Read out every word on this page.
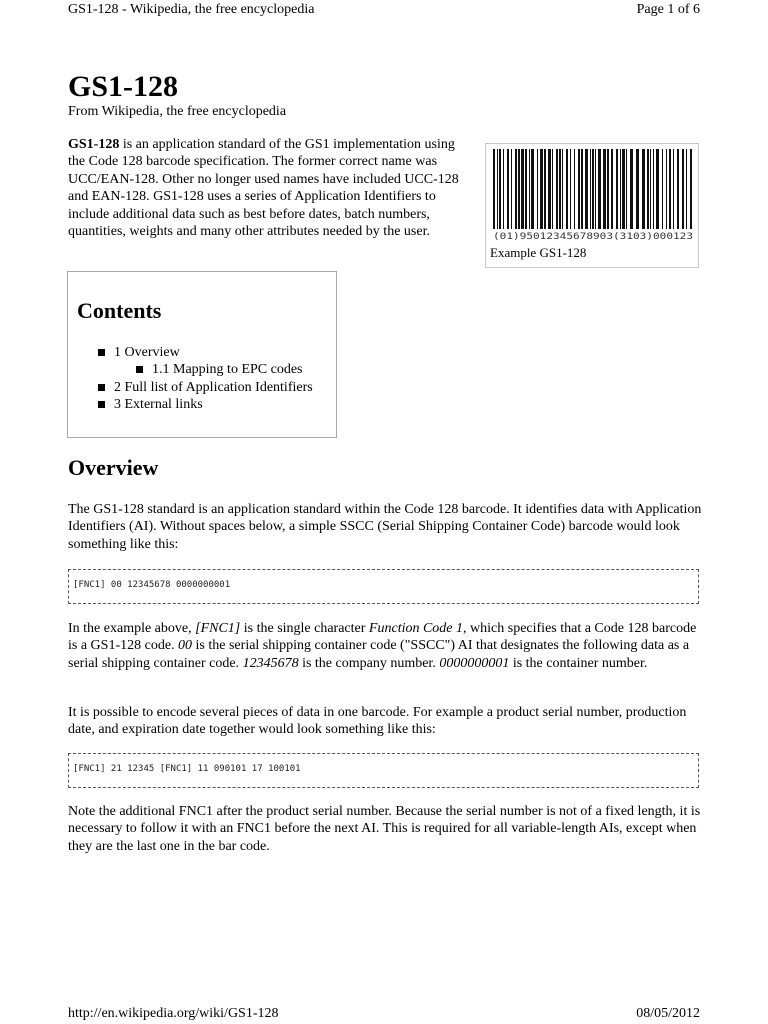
GS1-128 - Wikipedia, the free encyclopedia	Page 1 of 6
GS1-128
From Wikipedia, the free encyclopedia

GS1-128 is an application standard of the GS1 implementation using the Code 128 barcode specification. The former correct name was UCC/EAN-128. Other no longer used names have included UCC-128 and EAN-128. GS1-128 uses a series of Application Identifiers to include additional data such as best before dates, batch numbers, quantities, weights and many other attributes needed by the user.	(01)95012345678903(3103)000123
Example GS1-128
Contents
1 Overview
1.1 Mapping to EPC codes
2 Full list of Application Identifiers
3 External links
Overview

The GS1-128 standard is an application standard within the Code 128 barcode. It identifies data with Application Identifiers (AI). Without spaces below, a simple SSCC (Serial Shipping Container Code) barcode would look something like this:

[FNC1] 00 12345678 0000000001

In the example above, [FNC1] is the single character Function Code 1, which specifies that a Code 128 barcode is a GS1-128 code. 00 is the serial shipping container code ("SSCC") AI that designates the following data as a serial shipping container code. 12345678 is the company number. 0000000001 is the container number.

It is possible to encode several pieces of data in one barcode. For example a product serial number, production date, and expiration date together would look something like this:

[FNC1] 21 12345 [FNC1] 11 090101 17 100101

Note the additional FNC1 after the product serial number. Because the serial number is not of a fixed length, it is necessary to follow it with an FNC1 before the next AI. This is required for all variable-length AIs, except when they are the last one in the bar code.

http://en.wikipedia.org/wiki/GS1-128	08/05/2012
